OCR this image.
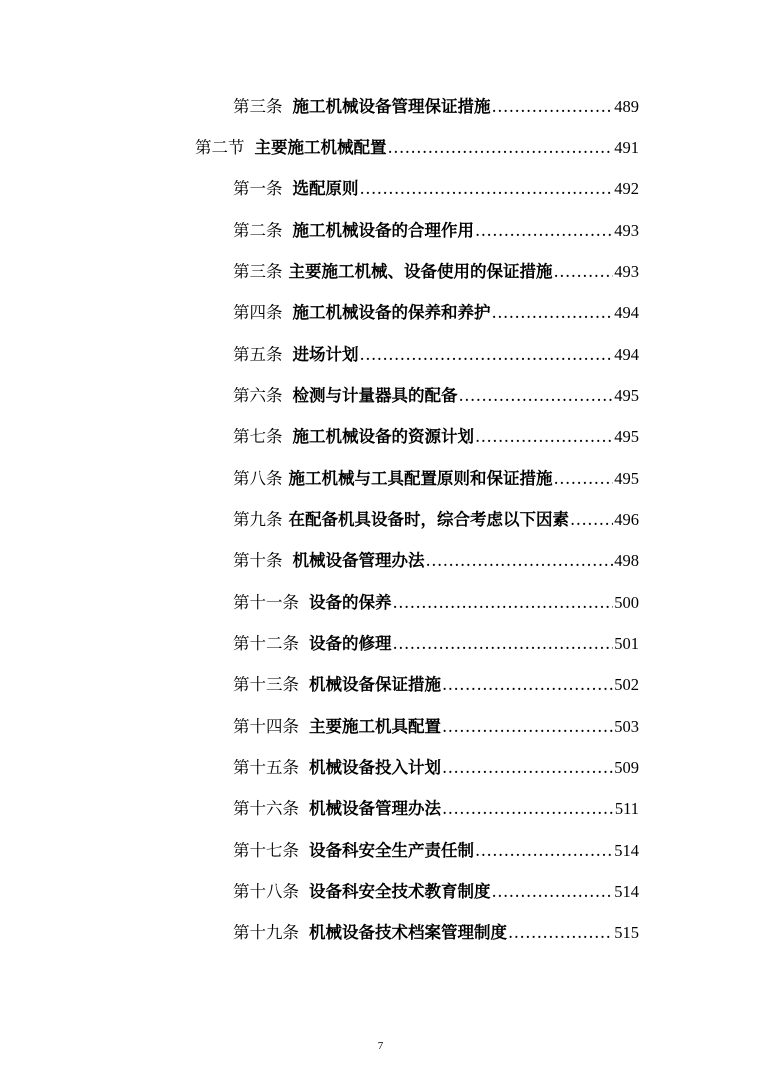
第三条 施工机械设备管理保证措施 .....	489
第二节 主要施工机械配置 .....	491
第一条 选配原则 .....	492
第二条 施工机械设备的合理作用 .....	493
第三条 主要施工机械、设备使用的保证措施 .....	493
第四条 施工机械设备的保养和养护 .....	494
第五条 进场计划 .....	494
第六条 检测与计量器具的配备 .....	495
第七条 施工机械设备的资源计划 .....	495
第八条 施工机械与工具配置原则和保证措施 .....	495
第九条 在配备机具设备时，综合考虑以下因素 .....	496
第十条 机械设备管理办法 .....	498
第十一条 设备的保养 .....	500
第十二条 设备的修理 .....	501
第十三条 机械设备保证措施 .....	502
第十四条 主要施工机具配置 .....	503
第十五条 机械设备投入计划 .....	509
第十六条 机械设备管理办法 .....	511
第十七条 设备科安全生产责任制 .....	514
第十八条 设备科安全技术教育制度 .....	514
第十九条 机械设备技术档案管理制度 .....	515
7
